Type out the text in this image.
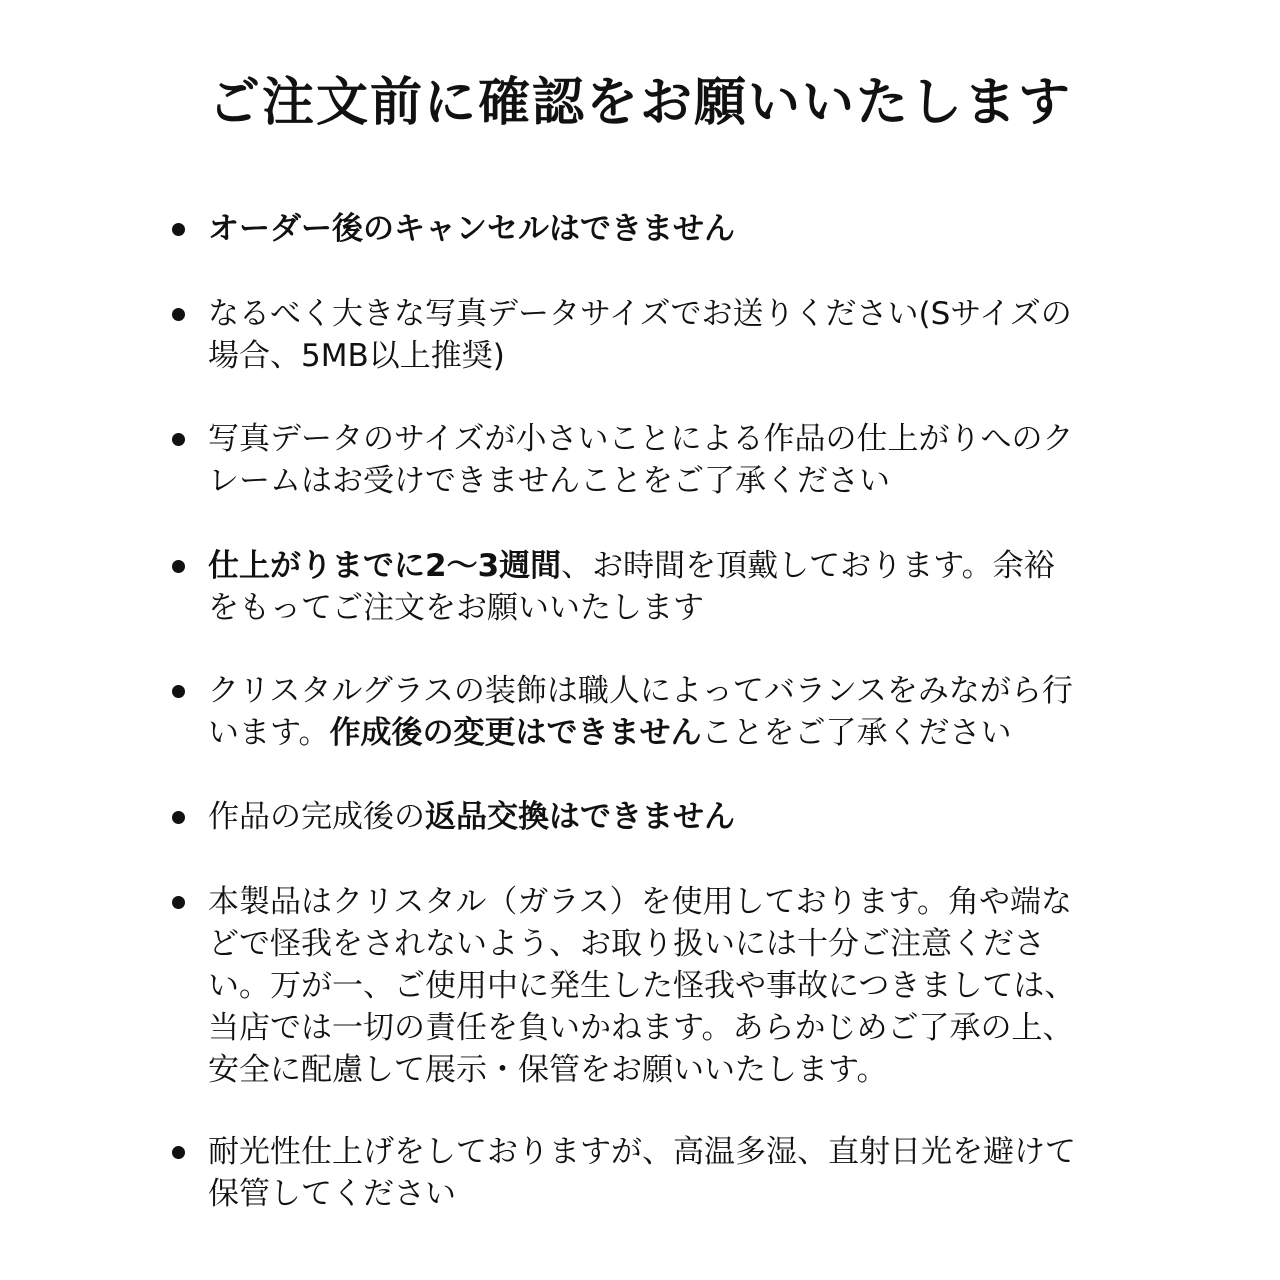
ご注文前に確認をお願いいたします
オーダー後のキャンセルはできません
なるべく大きな写真データサイズでお送りください(Sサイズの
場合、5MB以上推奨)
写真データのサイズが小さいことによる作品の仕上がりへのク
レームはお受けできませんことをご了承ください
仕上がりまでに2〜3週間、お時間を頂戴しております。余裕
をもってご注文をお願いいたします
クリスタルグラスの装飾は職人によってバランスをみながら行
います。作成後の変更はできませんことをご了承ください
作品の完成後の返品交換はできません
本製品はクリスタル（ガラス）を使用しております。角や端な
どで怪我をされないよう、お取り扱いには十分ご注意くださ
い。万が一、ご使用中に発生した怪我や事故につきましては、
当店では一切の責任を負いかねます。あらかじめご了承の上、
安全に配慮して展示・保管をお願いいたします。
耐光性仕上げをしておりますが、高温多湿、直射日光を避けて
保管してください
